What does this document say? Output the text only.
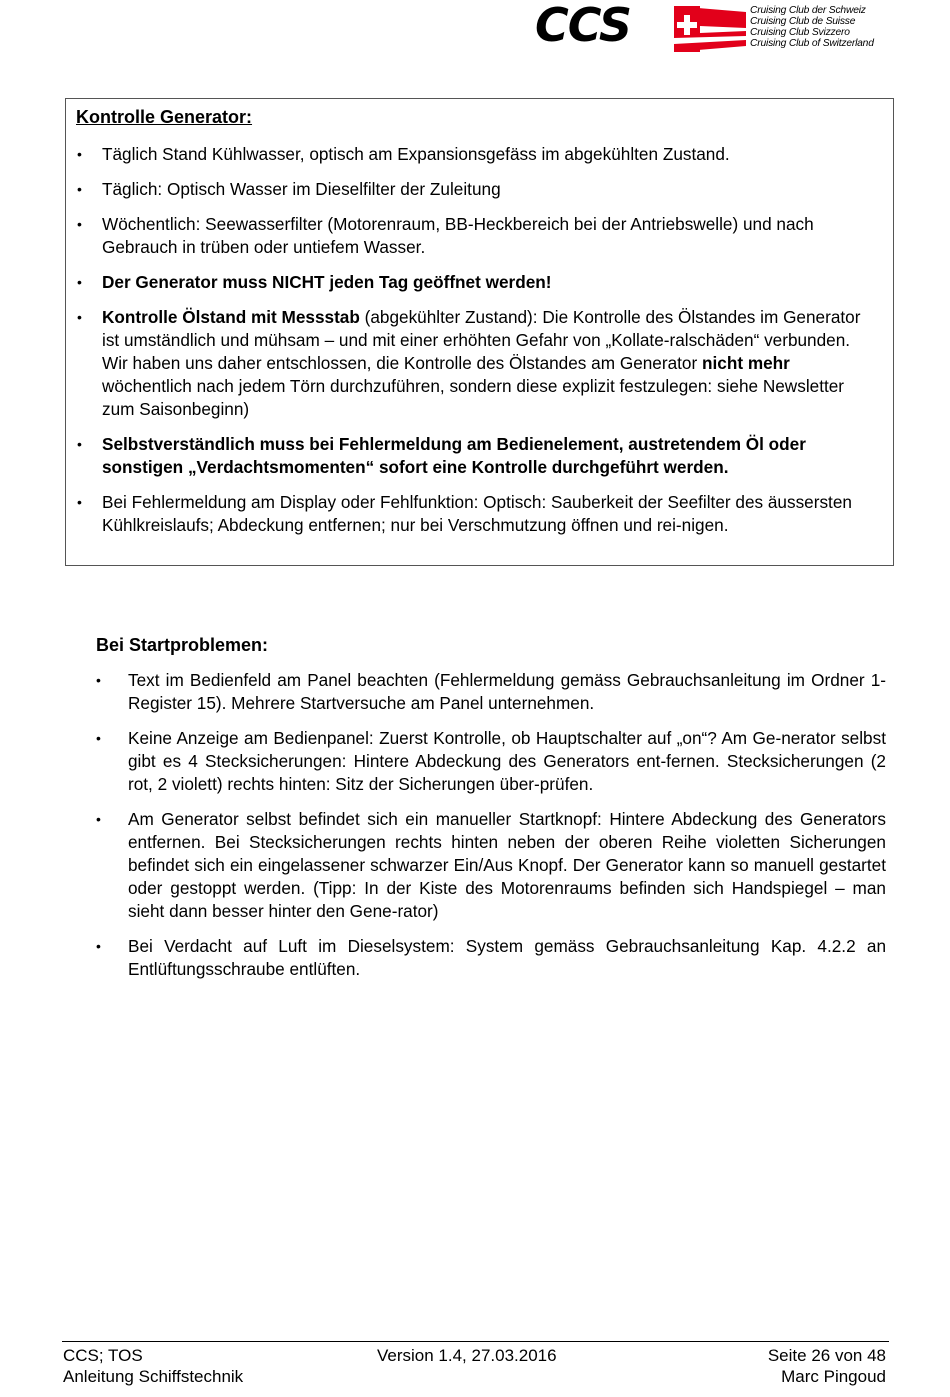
CCS	Cruising Club der Schweiz
Cruising Club de Suisse
Cruising Club Svizzero
Cruising Club of Switzerland
Kontrolle Generator:
• Täglich Stand Kühlwasser, optisch am Expansionsgefäss im abgekühlten Zustand.
• Täglich: Optisch Wasser im Dieselfilter der Zuleitung
• Wöchentlich: Seewasserfilter (Motorenraum, BB-Heckbereich bei der Antriebswelle) und nach Gebrauch in trüben oder untiefem Wasser.
• Der Generator muss NICHT jeden Tag geöffnet werden!
• Kontrolle Ölstand mit Messstab (abgekühlter Zustand): Die Kontrolle des Ölstandes im Generator ist umständlich und mühsam – und mit einer erhöhten Gefahr von „Kollate-ralschäden“ verbunden. Wir haben uns daher entschlossen, die Kontrolle des Ölstandes am Generator nicht mehr wöchentlich nach jedem Törn durchzuführen, sondern diese explizit festzulegen: siehe Newsletter zum Saisonbeginn)
• Selbstverständlich muss bei Fehlermeldung am Bedienelement, austretendem Öl oder sonstigen „Verdachtsmomenten“ sofort eine Kontrolle durchgeführt werden.
• Bei Fehlermeldung am Display oder Fehlfunktion: Optisch: Sauberkeit der Seefilter des äussersten Kühlkreislaufs; Abdeckung entfernen; nur bei Verschmutzung öffnen und rei-nigen.
Bei Startproblemen:
• Text im Bedienfeld am Panel beachten (Fehlermeldung gemäss Gebrauchsanleitung im Ordner 1- Register 15). Mehrere Startversuche am Panel unternehmen.
• Keine Anzeige am Bedienpanel: Zuerst Kontrolle, ob Hauptschalter auf „on“? Am Ge-nerator selbst gibt es 4 Stecksicherungen: Hintere Abdeckung des Generators ent-fernen. Stecksicherungen (2 rot, 2 violett) rechts hinten: Sitz der Sicherungen über-prüfen.
• Am Generator selbst befindet sich ein manueller Startknopf: Hintere Abdeckung des Generators entfernen. Bei Stecksicherungen rechts hinten neben der oberen Reihe violetten Sicherungen befindet sich ein eingelassener schwarzer Ein/Aus Knopf. Der Generator kann so manuell gestartet oder gestoppt werden. (Tipp: In der Kiste des Motorenraums befinden sich Handspiegel – man sieht dann besser hinter den Gene-rator)
• Bei Verdacht auf Luft im Dieselsystem: System gemäss Gebrauchsanleitung Kap. 4.2.2 an Entlüftungsschraube entlüften.
CCS; TOS
Anleitung Schiffstechnik
Version 1.4, 27.03.2016	Seite 26 von 48
Marc Pingoud
